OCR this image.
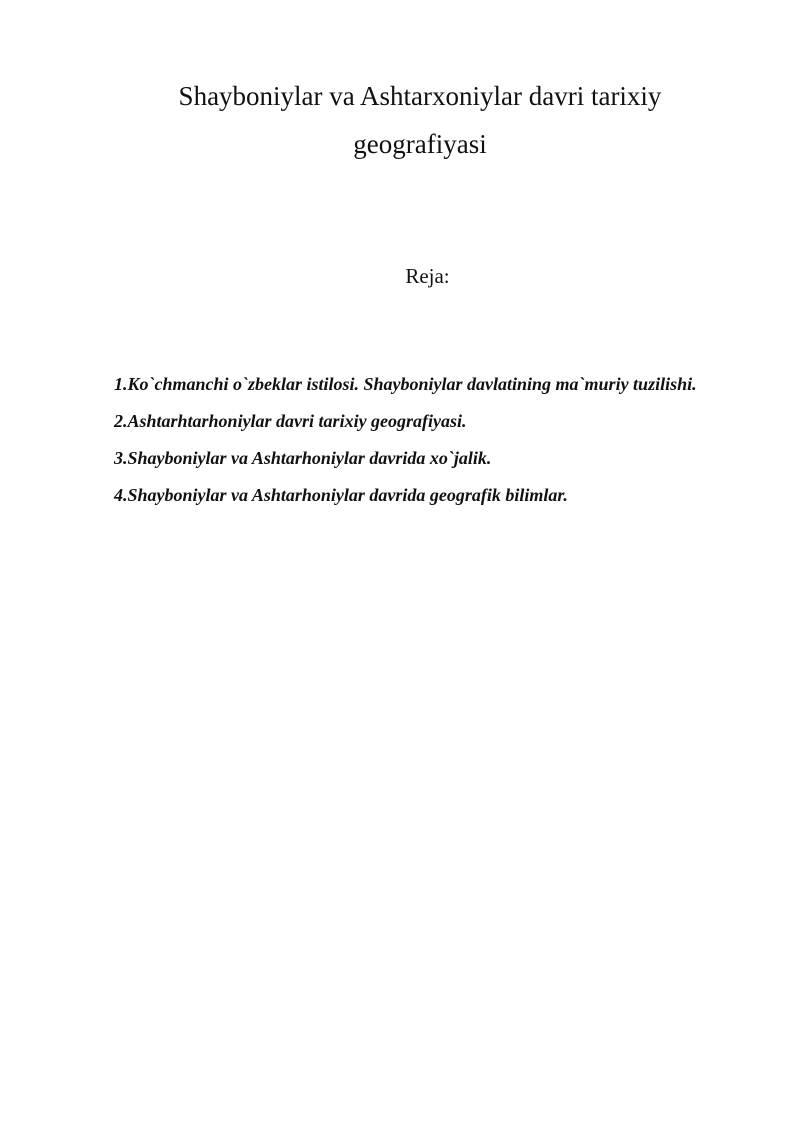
Shayboniylar va Ashtarxoniylar davri tarixiy
geografiyasi

Reja:

1.Ko`chmanchi o`zbeklar istilosi. Shayboniylar davlatining ma`muriy tuzilishi.
2.Ashtarhtarhoniylar davri tarixiy geografiyasi.
3.Shayboniylar va Ashtarhoniylar davrida xo`jalik.
4.Shayboniylar va Ashtarhoniylar davrida geografik bilimlar.
